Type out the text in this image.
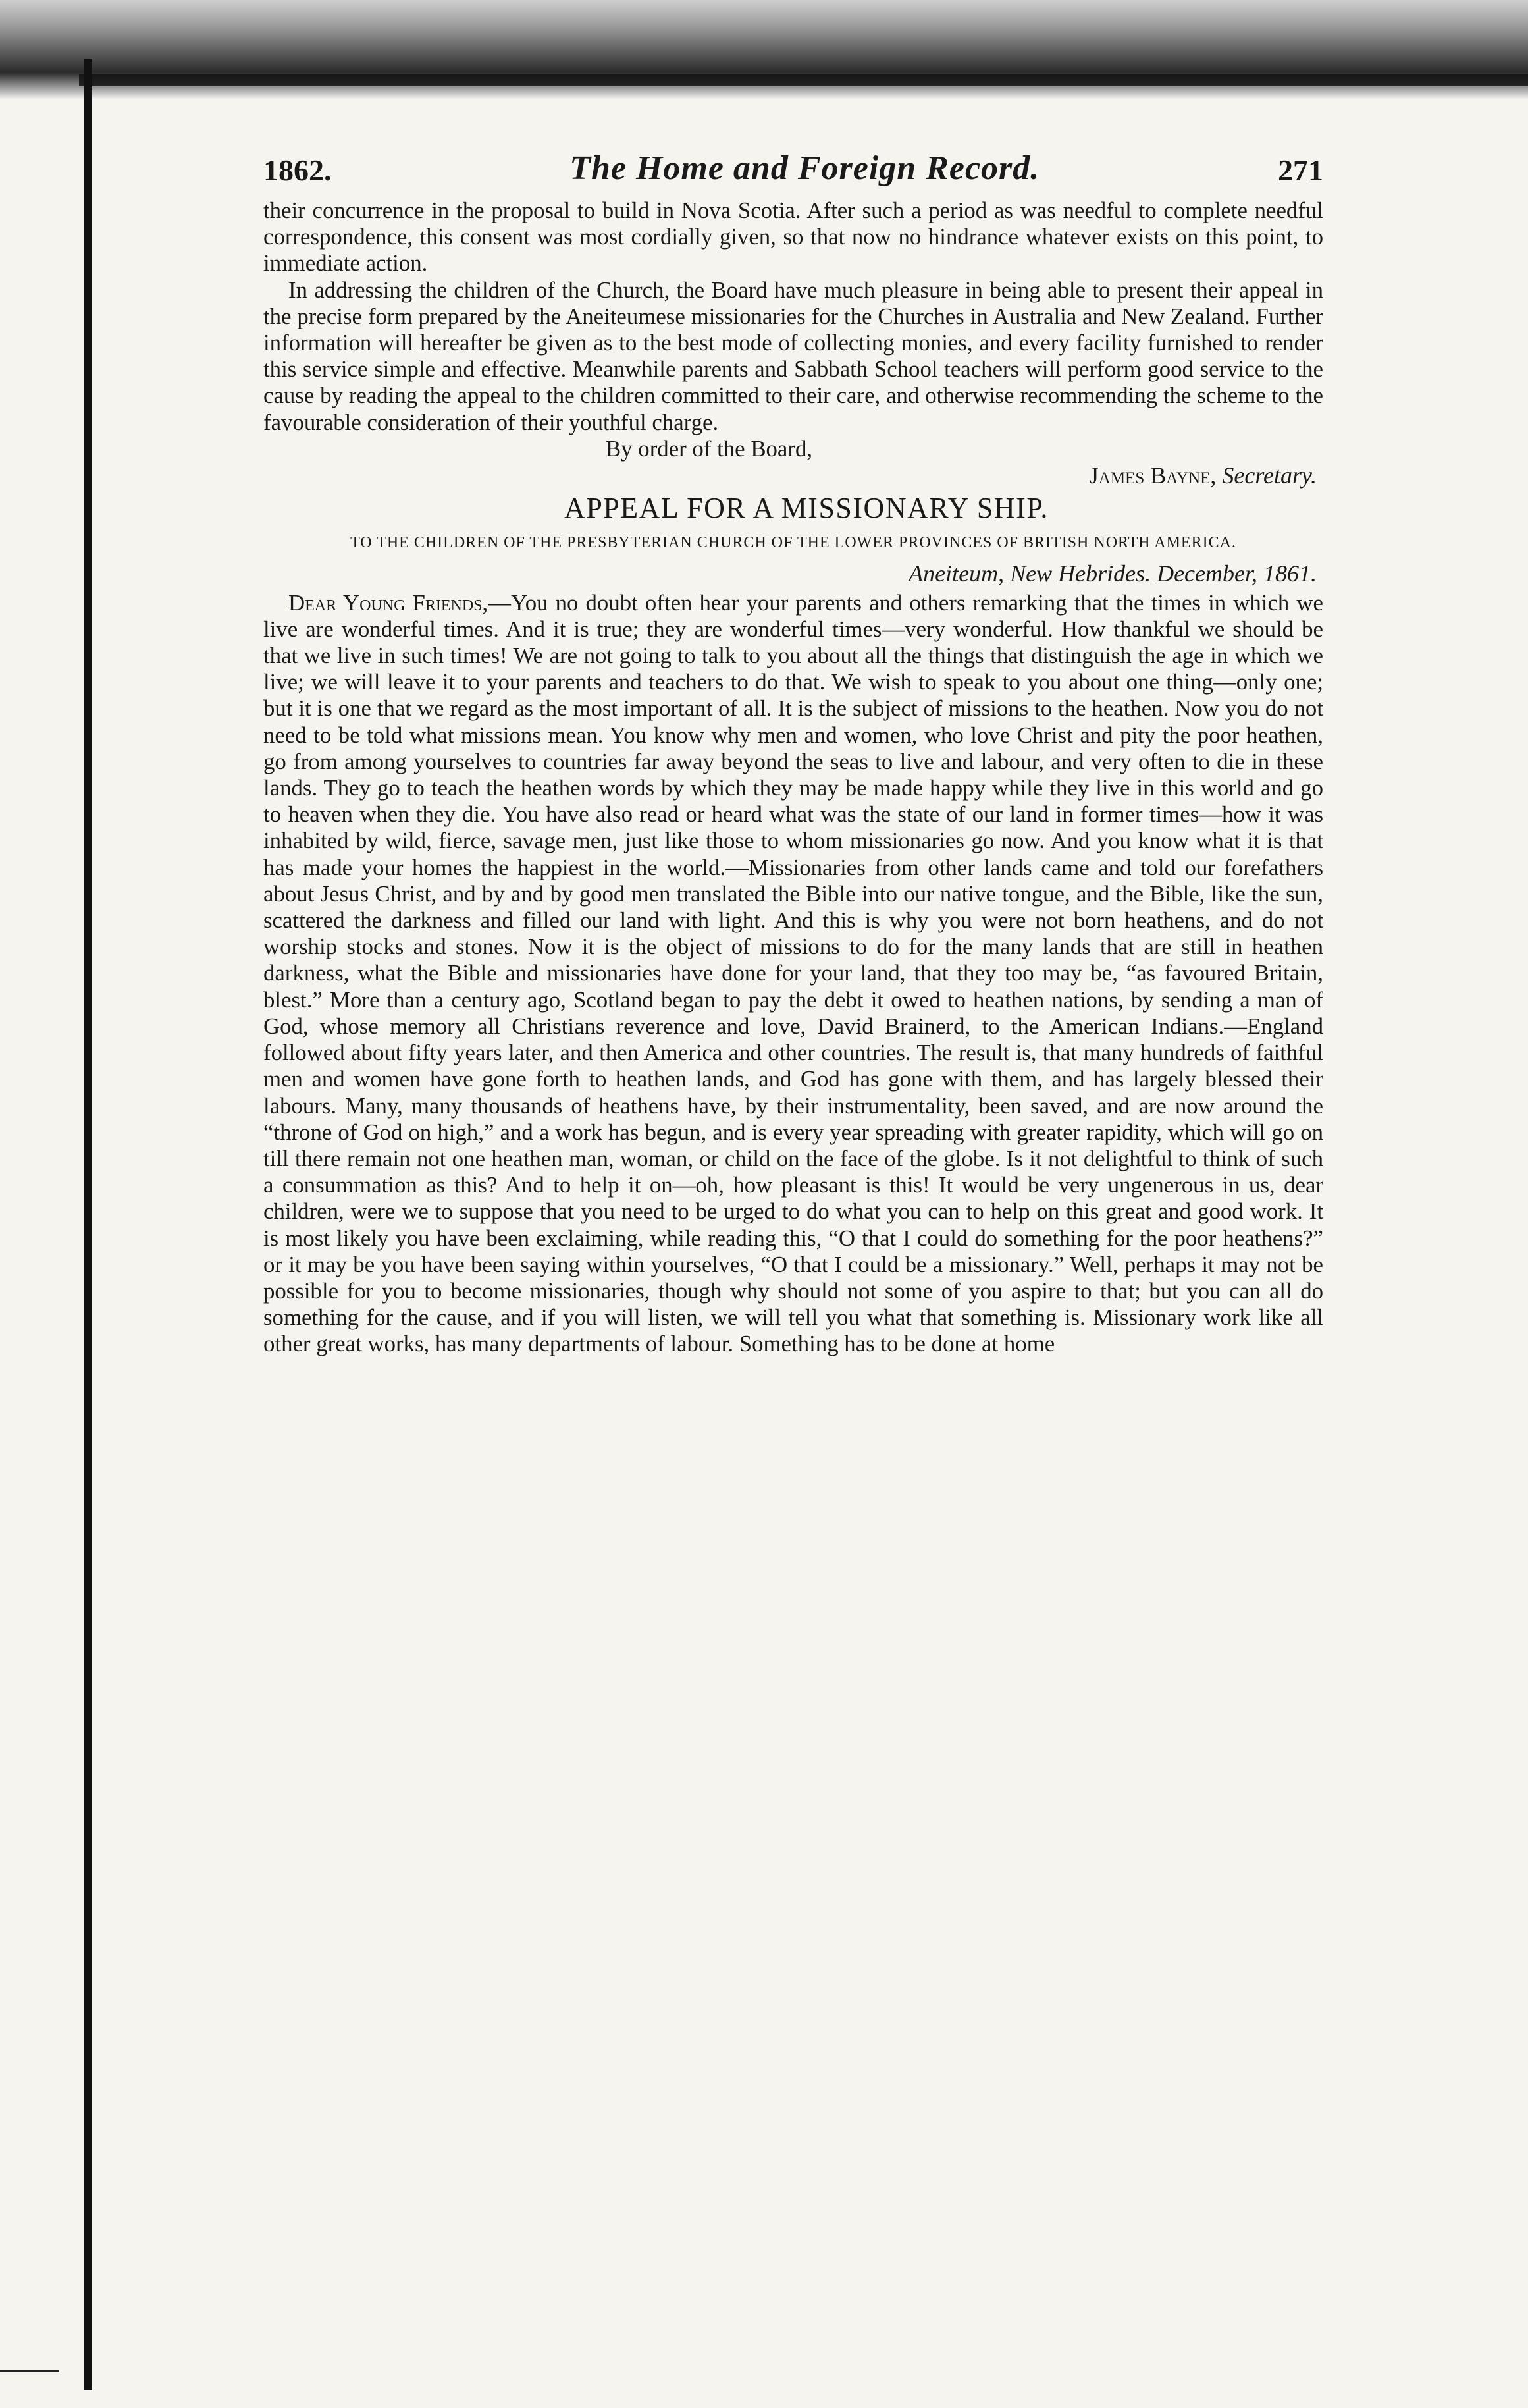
1862.	The Home and Foreign Record.	271

their concurrence in the proposal to build in Nova Scotia. After such a period as was needful to complete needful correspondence, this consent was most cordially given, so that now no hindrance whatever exists on this point, to immediate action.

In addressing the children of the Church, the Board have much pleasure in being able to present their appeal in the precise form prepared by the Aneiteumese missionaries for the Churches in Australia and New Zealand. Further information will hereafter be given as to the best mode of collecting monies, and every facility furnished to render this service simple and effective. Meanwhile parents and Sabbath School teachers will perform good service to the cause by reading the appeal to the children committed to their care, and otherwise recommending the scheme to the favourable consideration of their youthful charge.

By order of the Board,

James Bayne, Secretary.

APPEAL FOR A MISSIONARY SHIP.
TO THE CHILDREN OF THE PRESBYTERIAN CHURCH OF THE LOWER PROVINCES OF BRITISH NORTH AMERICA.
Aneiteum, New Hebrides. December, 1861.

Dear Young Friends,—You no doubt often hear your parents and others remarking that the times in which we live are wonderful times. And it is true; they are wonderful times—very wonderful. How thankful we should be that we live in such times! We are not going to talk to you about all the things that distinguish the age in which we live; we will leave it to your parents and teachers to do that. We wish to speak to you about one thing—only one; but it is one that we regard as the most important of all. It is the subject of missions to the heathen. Now you do not need to be told what missions mean. You know why men and women, who love Christ and pity the poor heathen, go from among yourselves to countries far away beyond the seas to live and labour, and very often to die in these lands. They go to teach the heathen words by which they may be made happy while they live in this world and go to heaven when they die. You have also read or heard what was the state of our land in former times—how it was inhabited by wild, fierce, savage men, just like those to whom missionaries go now. And you know what it is that has made your homes the happiest in the world.—Missionaries from other lands came and told our forefathers about Jesus Christ, and by and by good men translated the Bible into our native tongue, and the Bible, like the sun, scattered the darkness and filled our land with light. And this is why you were not born heathens, and do not worship stocks and stones. Now it is the object of missions to do for the many lands that are still in heathen darkness, what the Bible and missionaries have done for your land, that they too may be, “as favoured Britain, blest.” More than a century ago, Scotland began to pay the debt it owed to heathen nations, by sending a man of God, whose memory all Christians reverence and love, David Brainerd, to the American Indians.—England followed about fifty years later, and then America and other countries. The result is, that many hundreds of faithful men and women have gone forth to heathen lands, and God has gone with them, and has largely blessed their labours. Many, many thousands of heathens have, by their instrumentality, been saved, and are now around the “throne of God on high,” and a work has begun, and is every year spreading with greater rapidity, which will go on till there remain not one heathen man, woman, or child on the face of the globe. Is it not delightful to think of such a consummation as this? And to help it on—oh, how pleasant is this! It would be very ungenerous in us, dear children, were we to suppose that you need to be urged to do what you can to help on this great and good work. It is most likely you have been exclaiming, while reading this, “O that I could do something for the poor heathens?” or it may be you have been saying within yourselves, “O that I could be a missionary.” Well, perhaps it may not be possible for you to become missionaries, though why should not some of you aspire to that; but you can all do something for the cause, and if you will listen, we will tell you what that something is. Missionary work like all other great works, has many departments of labour. Something has to be done at home
